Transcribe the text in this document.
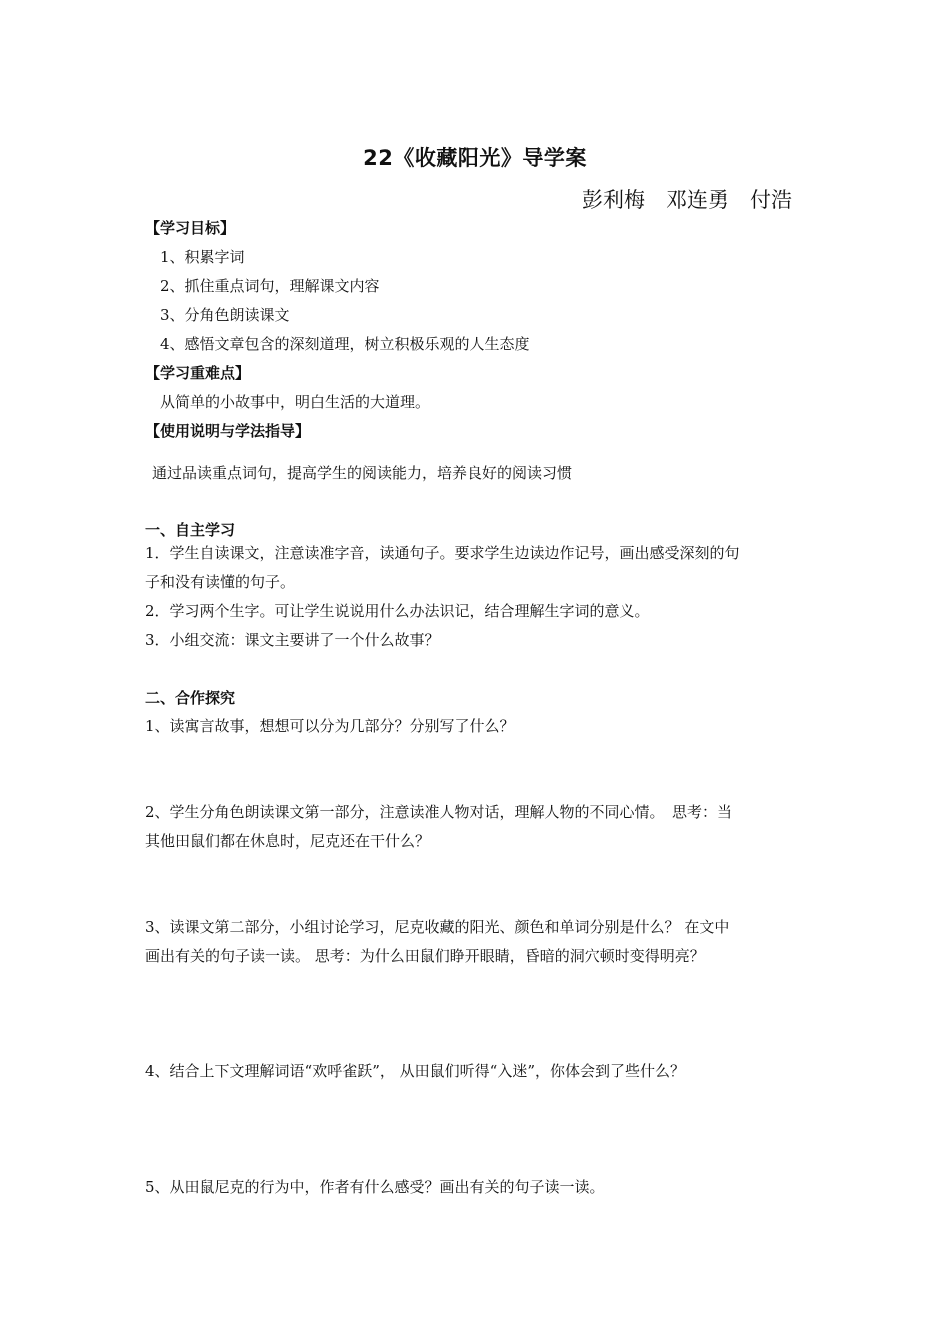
22《收藏阳光》导学案
彭利梅　邓连勇　付浩
【学习目标】
1、积累字词
2、抓住重点词句，理解课文内容
3、分角色朗读课文
4、感悟文章包含的深刻道理，树立积极乐观的人生态度
【学习重难点】
从简单的小故事中，明白生活的大道理。
【使用说明与学法指导】
通过品读重点词句，提高学生的阅读能力，培养良好的阅读习惯
一、自主学习
1．学生自读课文，注意读准字音，读通句子。要求学生边读边作记号，画出感受深刻的句
子和没有读懂的句子。
2．学习两个生字。可让学生说说用什么办法识记，结合理解生字词的意义。
3．小组交流：课文主要讲了一个什么故事？
二、合作探究
1、读寓言故事，想想可以分为几部分？分别写了什么？
2、学生分角色朗读课文第一部分，注意读准人物对话，理解人物的不同心情。　思考：当
其他田鼠们都在休息时，尼克还在干什么？
3、读课文第二部分，小组讨论学习，尼克收藏的阳光、颜色和单词分别是什么？ 在文中
画出有关的句子读一读。 思考：为什么田鼠们睁开眼睛，昏暗的洞穴顿时变得明亮？
4、结合上下文理解词语“欢呼雀跃”， 从田鼠们听得“入迷”，你体会到了些什么？
5、从田鼠尼克的行为中，作者有什么感受？画出有关的句子读一读。
